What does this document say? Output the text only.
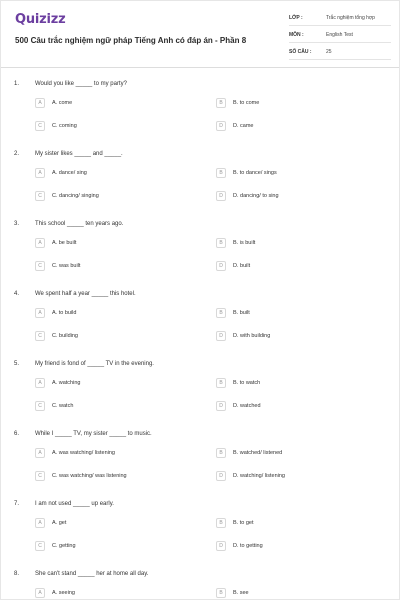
Quizizz
500 Câu trắc nghiệm ngữ pháp Tiếng Anh có đáp án - Phần 8
LỚP :	Trắc nghiệm tổng hợp
MÔN :	English Test
SỐ CÂU :	25
1.	Would you like _____ to my party?
A	A. come	B	B. to come
C	C. coming	D	D. came
2.	My sister likes _____ and _____.
A	A. dance/ sing	B	B. to dance/ sings
C	C. dancing/ singing	D	D. dancing/ to sing
3.	This school _____ ten years ago.
A	A. be built	B	B. is built
C	C. was built	D	D. built
4.	We spent half a year _____ this hotel.
A	A. to build	B	B. built
C	C. building	D	D. with building
5.	My friend is fond of _____ TV in the evening.
A	A. watching	B	B. to watch
C	C. watch	D	D. watched
6.	While I _____ TV, my sister _____ to music.
A	A. was watching/ listening	B	B. watched/ listened
C	C. was watching/ was listening	D	D. watching/ listening
7.	I am not used _____ up early.
A	A. get	B	B. to get
C	C. getting	D	D. to getting
8.	She can't stand _____ her at home all day.
A	A. seeing	B	B. see
